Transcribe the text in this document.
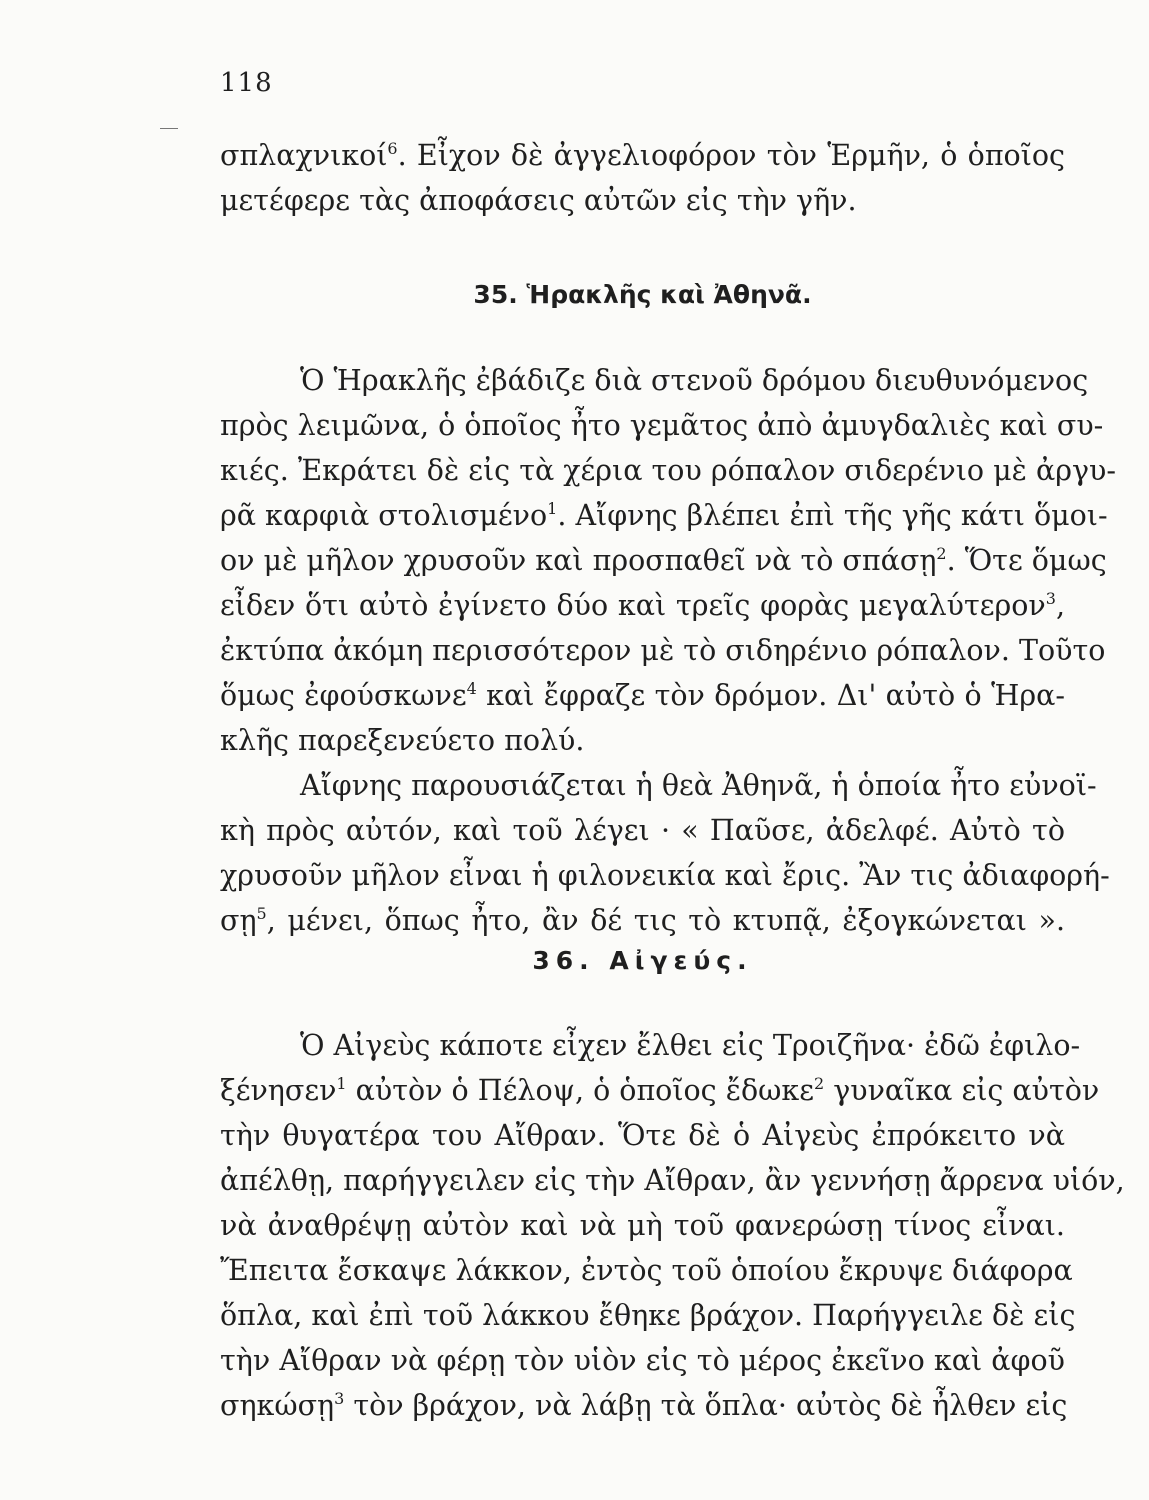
118
σπλαχνικοί$^6$. Εἶχον δὲ ἀγγελιοφόρον τὸν Ἑρμῆν, ὁ ὁποῖος
μετέφερε τὰς ἀποφάσεις αὐτῶν εἰς τὴν γῆν.
35. Ἡρακλῆς καὶ Ἀθηνᾶ.
Ὁ Ἡρακλῆς ἐβάδιζε διὰ στενοῦ δρόμου διευθυνόμενος
πρὸς λειμῶνα, ὁ ὁποῖος ἦτο γεμᾶτος ἀπὸ ἀμυγδαλιὲς καὶ συ-
κιές. Ἐκράτει δὲ εἰς τὰ χέρια του ρόπαλον σιδερένιο μὲ ἀργυ-
ρᾶ καρφιὰ στολισμένο$^1$. Αἴφνης βλέπει ἐπὶ τῆς γῆς κάτι ὅμοι-
ον μὲ μῆλον χρυσοῦν καὶ προσπαθεῖ νὰ τὸ σπάσῃ$^2$. Ὅτε ὅμως
εἶδεν ὅτι αὐτὸ ἐγίνετο δύο καὶ τρεῖς φορὰς μεγαλύτερον$^3$,
ἐκτύπα ἀκόμη περισσότερον μὲ τὸ σιδηρένιο ρόπαλον. Τοῦτο
ὅμως ἐφούσκωνε$^4$ καὶ ἔφραζε τὸν δρόμον. Δι' αὐτὸ ὁ Ἡρα-
κλῆς παρεξενεύετο πολύ.
Αἴφνης παρουσιάζεται ἡ θεὰ Ἀθηνᾶ, ἡ ὁποία ἦτο εὐνοϊ-
κὴ πρὸς αὐτόν, καὶ τοῦ λέγει · « Παῦσε, ἀδελφέ. Αὐτὸ τὸ
χρυσοῦν μῆλον εἶναι ἡ φιλονεικία καὶ ἔρις. Ἂν τις ἀδιαφορή-
σῃ$^5$, μένει, ὅπως ἦτο, ἂν δέ τις τὸ κτυπᾷ, ἐξογκώνεται ».
36. Αἰγεύς.
Ὁ Αἰγεὺς κάποτε εἶχεν ἔλθει εἰς Τροιζῆνα· ἐδῶ ἐφιλο-
ξένησεν$^1$ αὐτὸν ὁ Πέλοψ, ὁ ὁποῖος ἔδωκε$^2$ γυναῖκα εἰς αὐτὸν
τὴν θυγατέρα του Αἴθραν. Ὅτε δὲ ὁ Αἰγεὺς ἐπρόκειτο νὰ
ἀπέλθῃ, παρήγγειλεν εἰς τὴν Αἴθραν, ἂν γεννήσῃ ἄρρενα υἱόν,
νὰ ἀναθρέψῃ αὐτὸν καὶ νὰ μὴ τοῦ φανερώσῃ τίνος εἶναι.
Ἔπειτα ἔσκαψε λάκκον, ἐντὸς τοῦ ὁποίου ἔκρυψε διάφορα
ὅπλα, καὶ ἐπὶ τοῦ λάκκου ἔθηκε βράχον. Παρήγγειλε δὲ εἰς
τὴν Αἴθραν νὰ φέρῃ τὸν υἱὸν εἰς τὸ μέρος ἐκεῖνο καὶ ἀφοῦ
σηκώσῃ$^3$ τὸν βράχον, νὰ λάβῃ τὰ ὅπλα· αὐτὸς δὲ ἦλθεν εἰς
